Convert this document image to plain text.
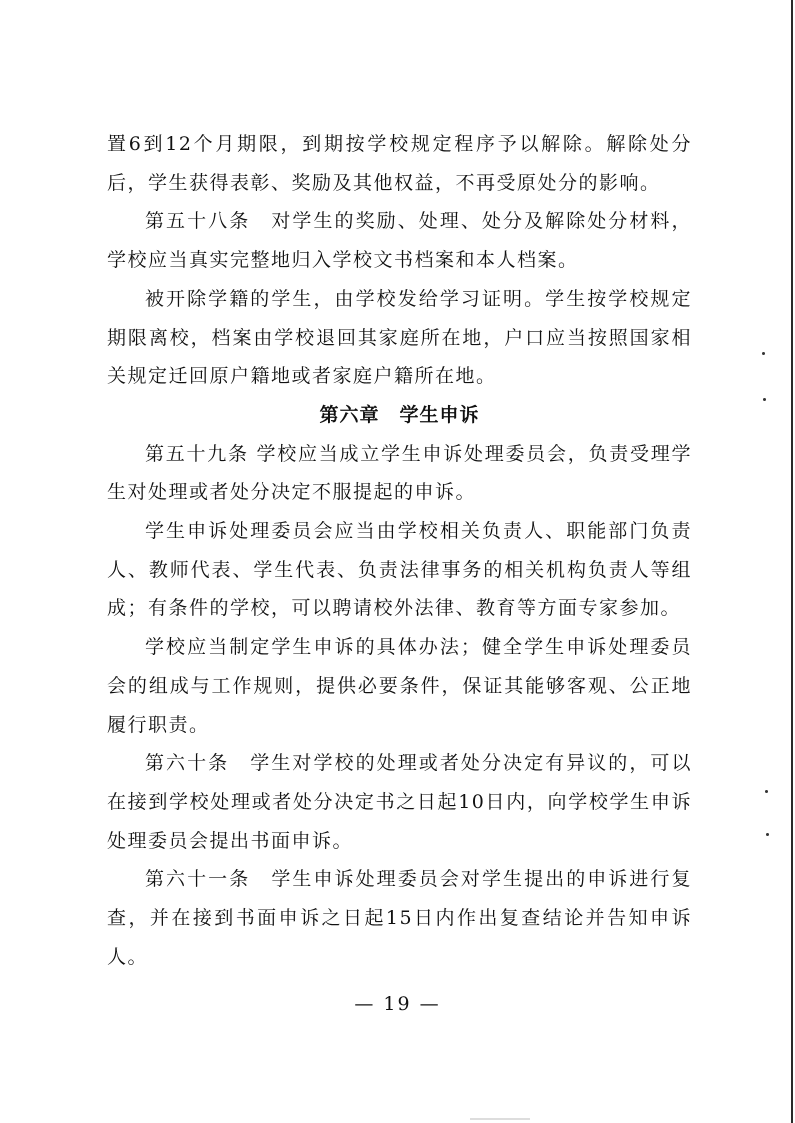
置6到12个月期限，到期按学校规定程序予以解除。解除处分后，学生获得表彰、奖励及其他权益，不再受原处分的影响。

第五十八条　对学生的奖励、处理、处分及解除处分材料，学校应当真实完整地归入学校文书档案和本人档案。

被开除学籍的学生，由学校发给学习证明。学生按学校规定期限离校，档案由学校退回其家庭所在地，户口应当按照国家相关规定迁回原户籍地或者家庭户籍所在地。

第六章　学生申诉

第五十九条 学校应当成立学生申诉处理委员会，负责受理学生对处理或者处分决定不服提起的申诉。

学生申诉处理委员会应当由学校相关负责人、职能部门负责人、教师代表、学生代表、负责法律事务的相关机构负责人等组成；有条件的学校，可以聘请校外法律、教育等方面专家参加。

学校应当制定学生申诉的具体办法；健全学生申诉处理委员会的组成与工作规则，提供必要条件，保证其能够客观、公正地履行职责。

第六十条　学生对学校的处理或者处分决定有异议的，可以在接到学校处理或者处分决定书之日起10日内，向学校学生申诉处理委员会提出书面申诉。

第六十一条　学生申诉处理委员会对学生提出的申诉进行复查，并在接到书面申诉之日起15日内作出复查结论并告知申诉人。

— 19 —
